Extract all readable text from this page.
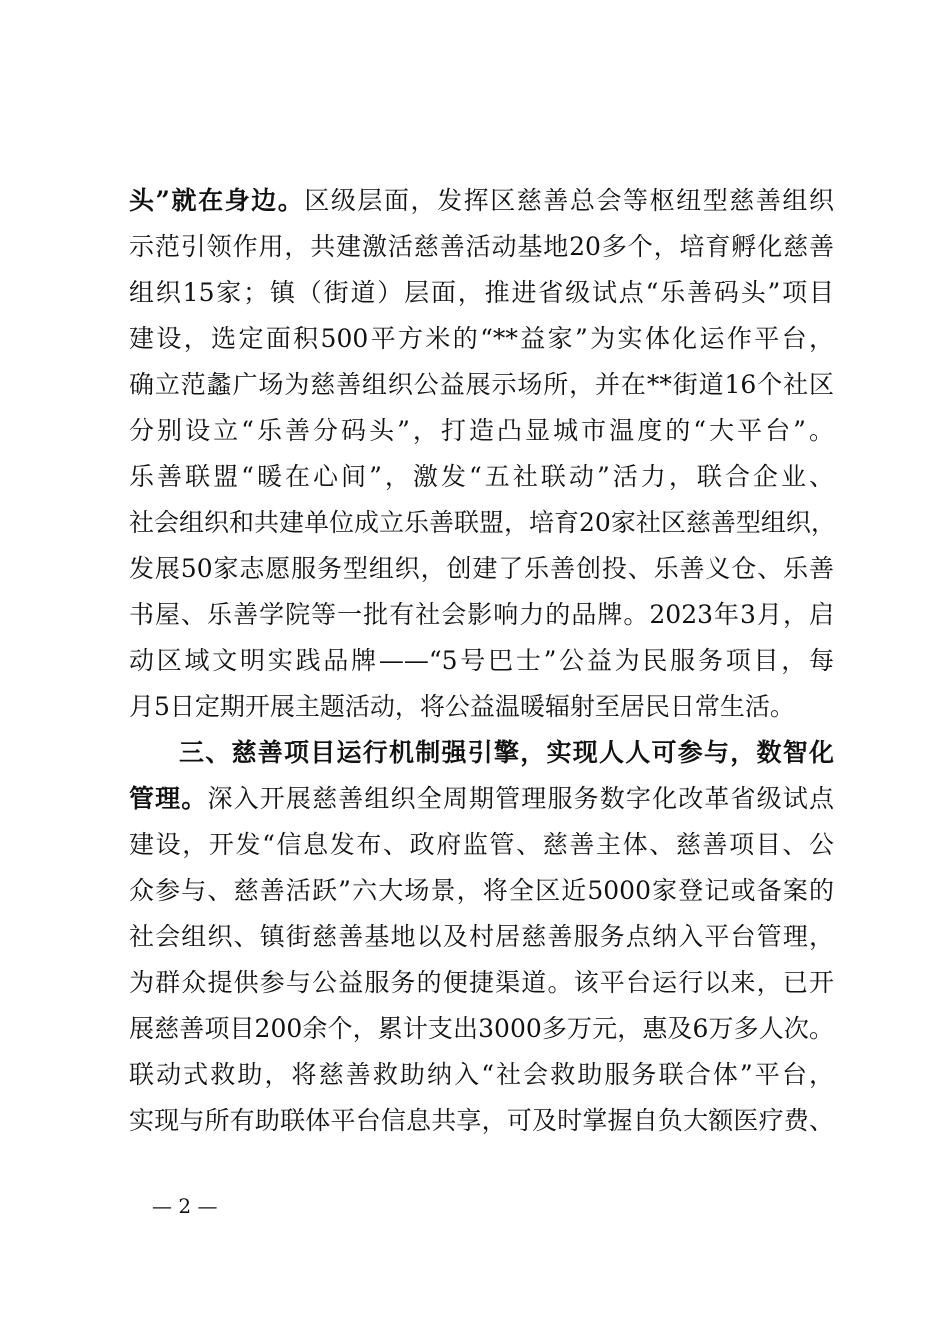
头”就在身边。区级层面，发挥区慈善总会等枢纽型慈善组织
示范引领作用，共建激活慈善活动基地20多个，培育孵化慈善
组织15家；镇（街道）层面，推进省级试点“乐善码头”项目
建设，选定面积500平方米的“**益家”为实体化运作平台，
确立范蠡广场为慈善组织公益展示场所，并在**街道16个社区
分别设立“乐善分码头”，打造凸显城市温度的“大平台”。
乐善联盟“暖在心间”，激发“五社联动”活力，联合企业、
社会组织和共建单位成立乐善联盟，培育20家社区慈善型组织，
发展50家志愿服务型组织，创建了乐善创投、乐善义仓、乐善
书屋、乐善学院等一批有社会影响力的品牌。2023年3月，启
动区域文明实践品牌——“5号巴士”公益为民服务项目，每
月5日定期开展主题活动，将公益温暖辐射至居民日常生活。
三、慈善项目运行机制强引擎，实现人人可参与，数智化
管理。深入开展慈善组织全周期管理服务数字化改革省级试点
建设，开发“信息发布、政府监管、慈善主体、慈善项目、公
众参与、慈善活跃”六大场景，将全区近5000家登记或备案的
社会组织、镇街慈善基地以及村居慈善服务点纳入平台管理，
为群众提供参与公益服务的便捷渠道。该平台运行以来，已开
展慈善项目200余个，累计支出3000多万元，惠及6万多人次。
联动式救助，将慈善救助纳入“社会救助服务联合体”平台，
实现与所有助联体平台信息共享，可及时掌握自负大额医疗费、
— 2 —
